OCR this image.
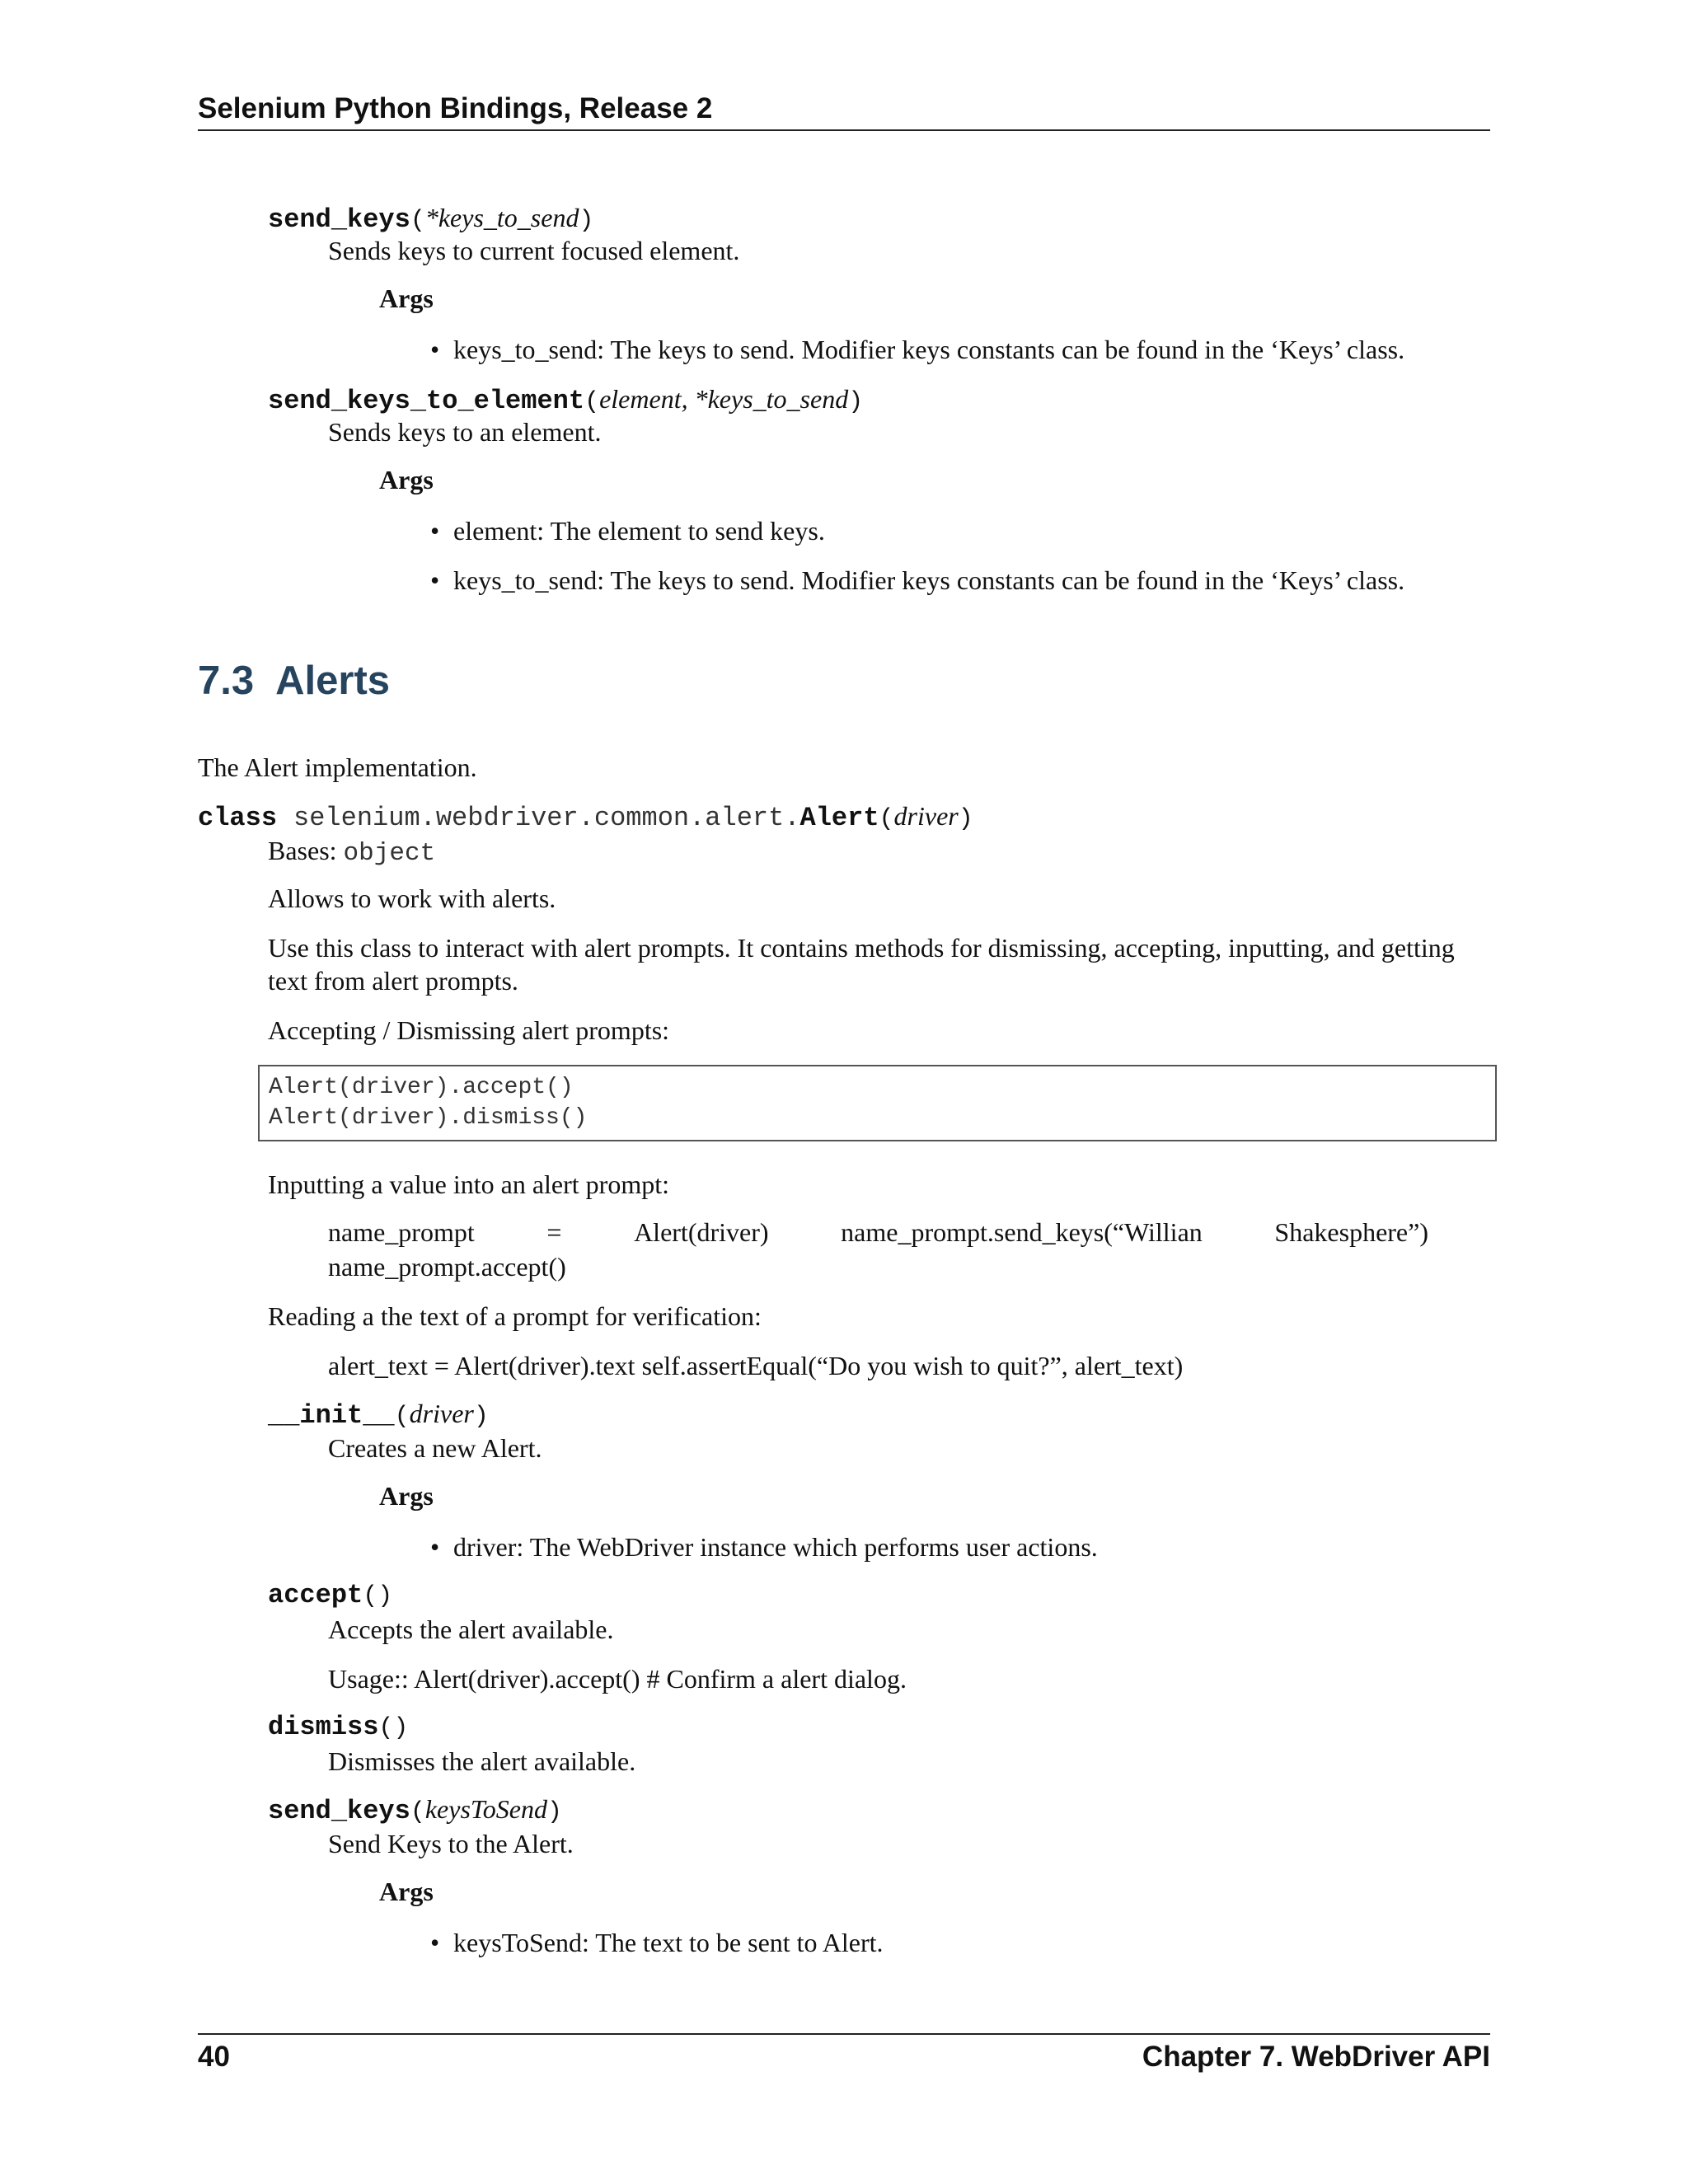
Selenium Python Bindings, Release 2
send_keys(*keys_to_send)
Sends keys to current focused element.
Args
• keys_to_send: The keys to send. Modifier keys constants can be found in the ‘Keys’ class.
send_keys_to_element(element, *keys_to_send)
Sends keys to an element.
Args
• element: The element to send keys.
• keys_to_send: The keys to send. Modifier keys constants can be found in the ‘Keys’ class.
7.3 Alerts
The Alert implementation.
class selenium.webdriver.common.alert.Alert(driver)
Bases: object
Allows to work with alerts.
Use this class to interact with alert prompts. It contains methods for dismissing, accepting, inputting, and getting
text from alert prompts.
Accepting / Dismissing alert prompts:
Alert(driver).accept()
Alert(driver).dismiss()
Inputting a value into an alert prompt:
name_prompt	=	Alert(driver)	name_prompt.send_keys(“Willian	Shakesphere”)
name_prompt.accept()
Reading a the text of a prompt for verification:
alert_text = Alert(driver).text self.assertEqual(“Do you wish to quit?”, alert_text)
__init__(driver)
Creates a new Alert.
Args
• driver: The WebDriver instance which performs user actions.
accept()
Accepts the alert available.
Usage:: Alert(driver).accept() # Confirm a alert dialog.
dismiss()
Dismisses the alert available.
send_keys(keysToSend)
Send Keys to the Alert.
Args
• keysToSend: The text to be sent to Alert.
40	Chapter 7. WebDriver API
